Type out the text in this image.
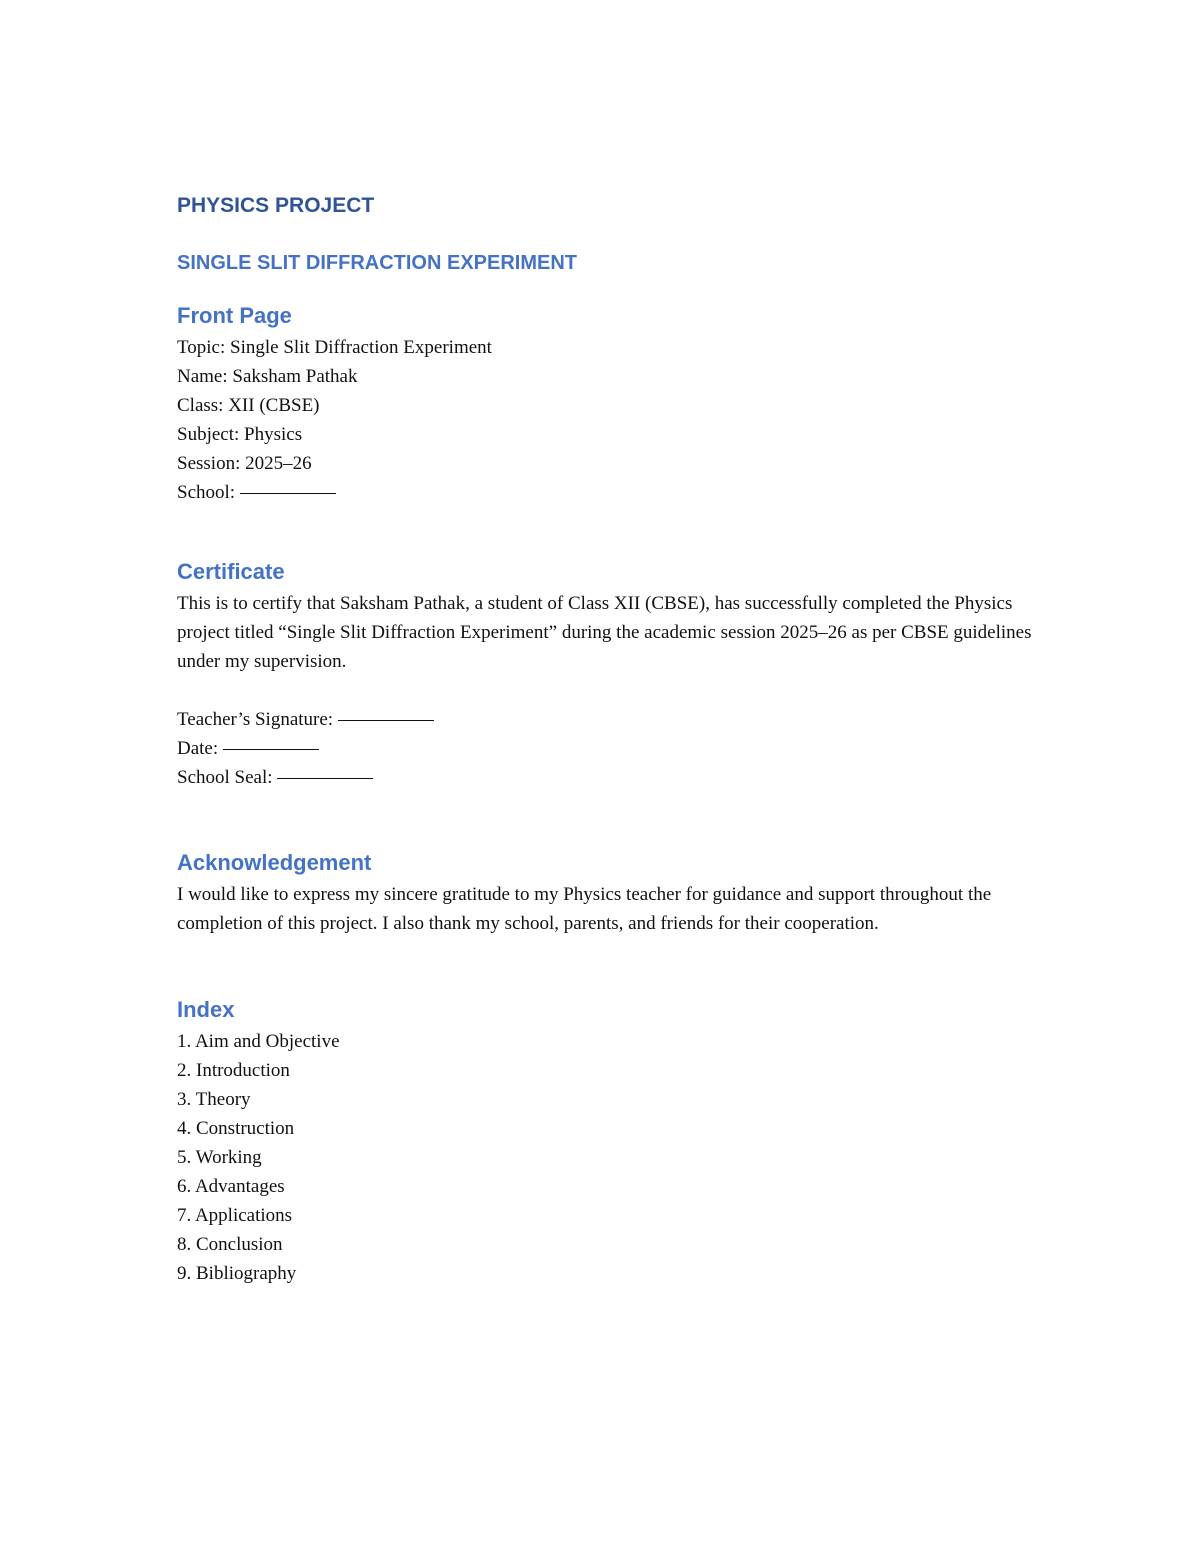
PHYSICS PROJECT
SINGLE SLIT DIFFRACTION EXPERIMENT
Front Page

Topic: Single Slit Diffraction Experiment

Name: Saksham Pathak

Class: XII (CBSE)

Subject: Physics

Session: 2025–26

School:

Certificate

This is to certify that Saksham Pathak, a student of Class XII (CBSE), has successfully completed the Physics project titled “Single Slit Diffraction Experiment” during the academic session 2025–26 as per CBSE guidelines under my supervision.

Teacher’s Signature:

Date:

School Seal:

Acknowledgement

I would like to express my sincere gratitude to my Physics teacher for guidance and support throughout the completion of this project. I also thank my school, parents, and friends for their cooperation.

Index

1. Aim and Objective

2. Introduction

3. Theory

4. Construction

5. Working

6. Advantages

7. Applications

8. Conclusion

9. Bibliography
